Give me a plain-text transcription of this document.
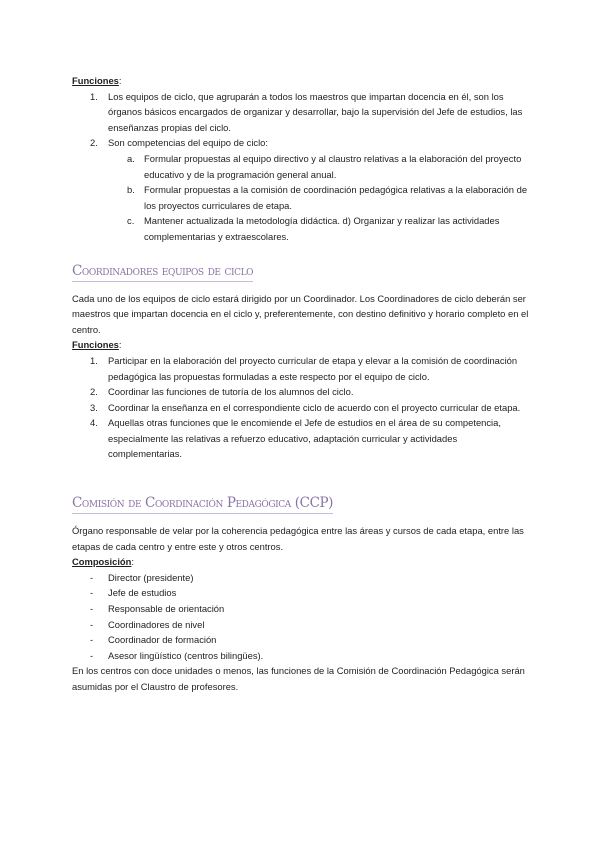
Funciones:
1. Los equipos de ciclo, que agruparán a todos los maestros que impartan docencia en él, son los órganos básicos encargados de organizar y desarrollar, bajo la supervisión del Jefe de estudios, las enseñanzas propias del ciclo.
2. Son competencias del equipo de ciclo:
a. Formular propuestas al equipo directivo y al claustro relativas a la elaboración del proyecto educativo y de la programación general anual.
b. Formular propuestas a la comisión de coordinación pedagógica relativas a la elaboración de los proyectos curriculares de etapa.
c. Mantener actualizada la metodología didáctica. d) Organizar y realizar las actividades complementarias y extraescolares.
Coordinadores equipos de ciclo

Cada uno de los equipos de ciclo estará dirigido por un Coordinador. Los Coordinadores de ciclo deberán ser maestros que impartan docencia en el ciclo y, preferentemente, con destino definitivo y horario completo en el centro.

Funciones:
1. Participar en la elaboración del proyecto curricular de etapa y elevar a la comisión de coordinación pedagógica las propuestas formuladas a este respecto por el equipo de ciclo.
2. Coordinar las funciones de tutoría de los alumnos del ciclo.
3. Coordinar la enseñanza en el correspondiente ciclo de acuerdo con el proyecto curricular de etapa.
4. Aquellas otras funciones que le encomiende el Jefe de estudios en el área de su competencia, especialmente las relativas a refuerzo educativo, adaptación curricular y actividades complementarias.
Comisión de Coordinación Pedagógica (CCP)

Órgano responsable de velar por la coherencia pedagógica entre las áreas y cursos de cada etapa, entre las etapas de cada centro y entre este y otros centros.

Composición:
- Director (presidente)
- Jefe de estudios
- Responsable de orientación
- Coordinadores de nivel
- Coordinador de formación
- Asesor lingüístico (centros bilingües).

En los centros con doce unidades o menos, las funciones de la Comisión de Coordinación Pedagógica serán asumidas por el Claustro de profesores.
